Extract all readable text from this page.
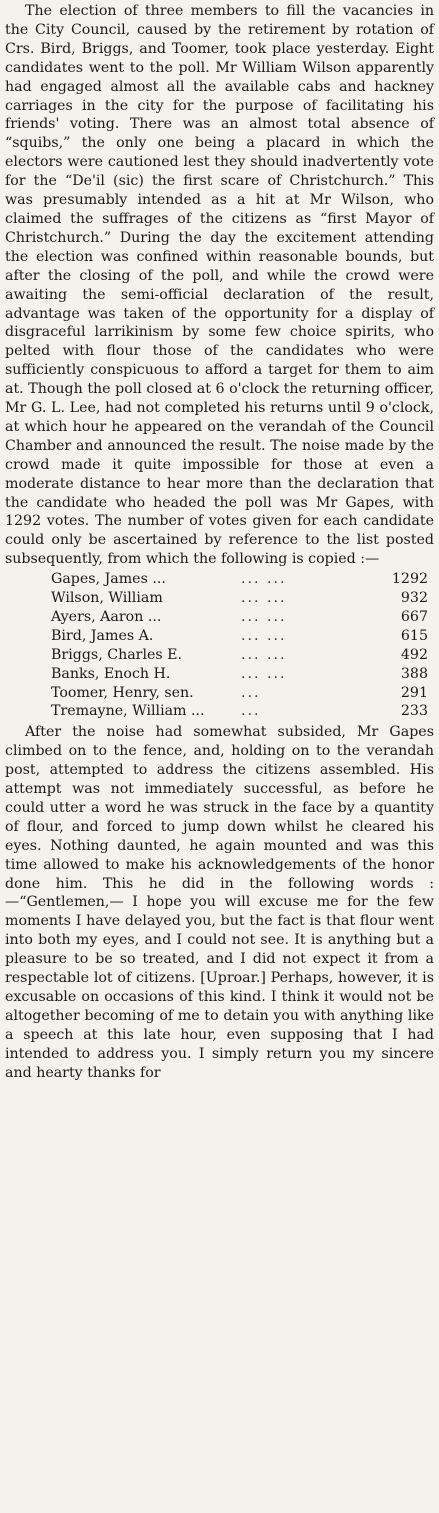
The election of three members to fill the vacancies in the City Council, caused by the retirement by rotation of Crs. Bird, Briggs, and Toomer, took place yesterday. Eight candidates went to the poll. Mr William Wilson apparently had engaged almost all the available cabs and hackney carriages in the city for the purpose of facilitating his friends' voting. There was an almost total absence of “squibs,” the only one being a placard in which the electors were cautioned lest they should inadvertently vote for the “De'il (sic) the first scare of Christchurch.” This was presumably intended as a hit at Mr Wilson, who claimed the suffrages of the citizens as “first Mayor of Christchurch.” During the day the excitement attending the election was confined within reasonable bounds, but after the closing of the poll, and while the crowd were awaiting the semi-official declaration of the result, advantage was taken of the opportunity for a display of disgraceful larrikinism by some few choice spirits, who pelted with flour those of the candidates who were sufficiently conspicuous to afford a target for them to aim at. Though the poll closed at 6 o'clock the returning officer, Mr G. L. Lee, had not completed his returns until 9 o'clock, at which hour he appeared on the verandah of the Council Chamber and announced the result. The noise made by the crowd made it quite impossible for those at even a moderate distance to hear more than the declaration that the candidate who headed the poll was Mr Gapes, with 1292 votes. The number of votes given for each candidate could only be ascertained by reference to the list posted subsequently, from which the following is copied :—

Gapes, James ...	... ...	1292
Wilson, William	... ...	932
Ayers, Aaron ...	... ...	667
Bird, James A.	... ...	615
Briggs, Charles E.	... ...	492
Banks, Enoch H.	... ...	388
Toomer, Henry, sen.	...	291
Tremayne, William ...	...	233

After the noise had somewhat subsided, Mr Gapes climbed on to the fence, and, holding on to the verandah post, attempted to address the citizens assembled. His attempt was not immediately successful, as before he could utter a word he was struck in the face by a quantity of flour, and forced to jump down whilst he cleared his eyes. Nothing daunted, he again mounted and was this time allowed to make his acknowledgements of the honor done him. This he did in the following words :—“Gentlemen,— I hope you will excuse me for the few moments I have delayed you, but the fact is that flour went into both my eyes, and I could not see. It is anything but a pleasure to be so treated, and I did not expect it from a respectable lot of citizens. [Uproar.] Perhaps, however, it is excusable on occasions of this kind. I think it would not be altogether becoming of me to detain you with anything like a speech at this late hour, even supposing that I had intended to address you. I simply return you my sincere and hearty thanks for
